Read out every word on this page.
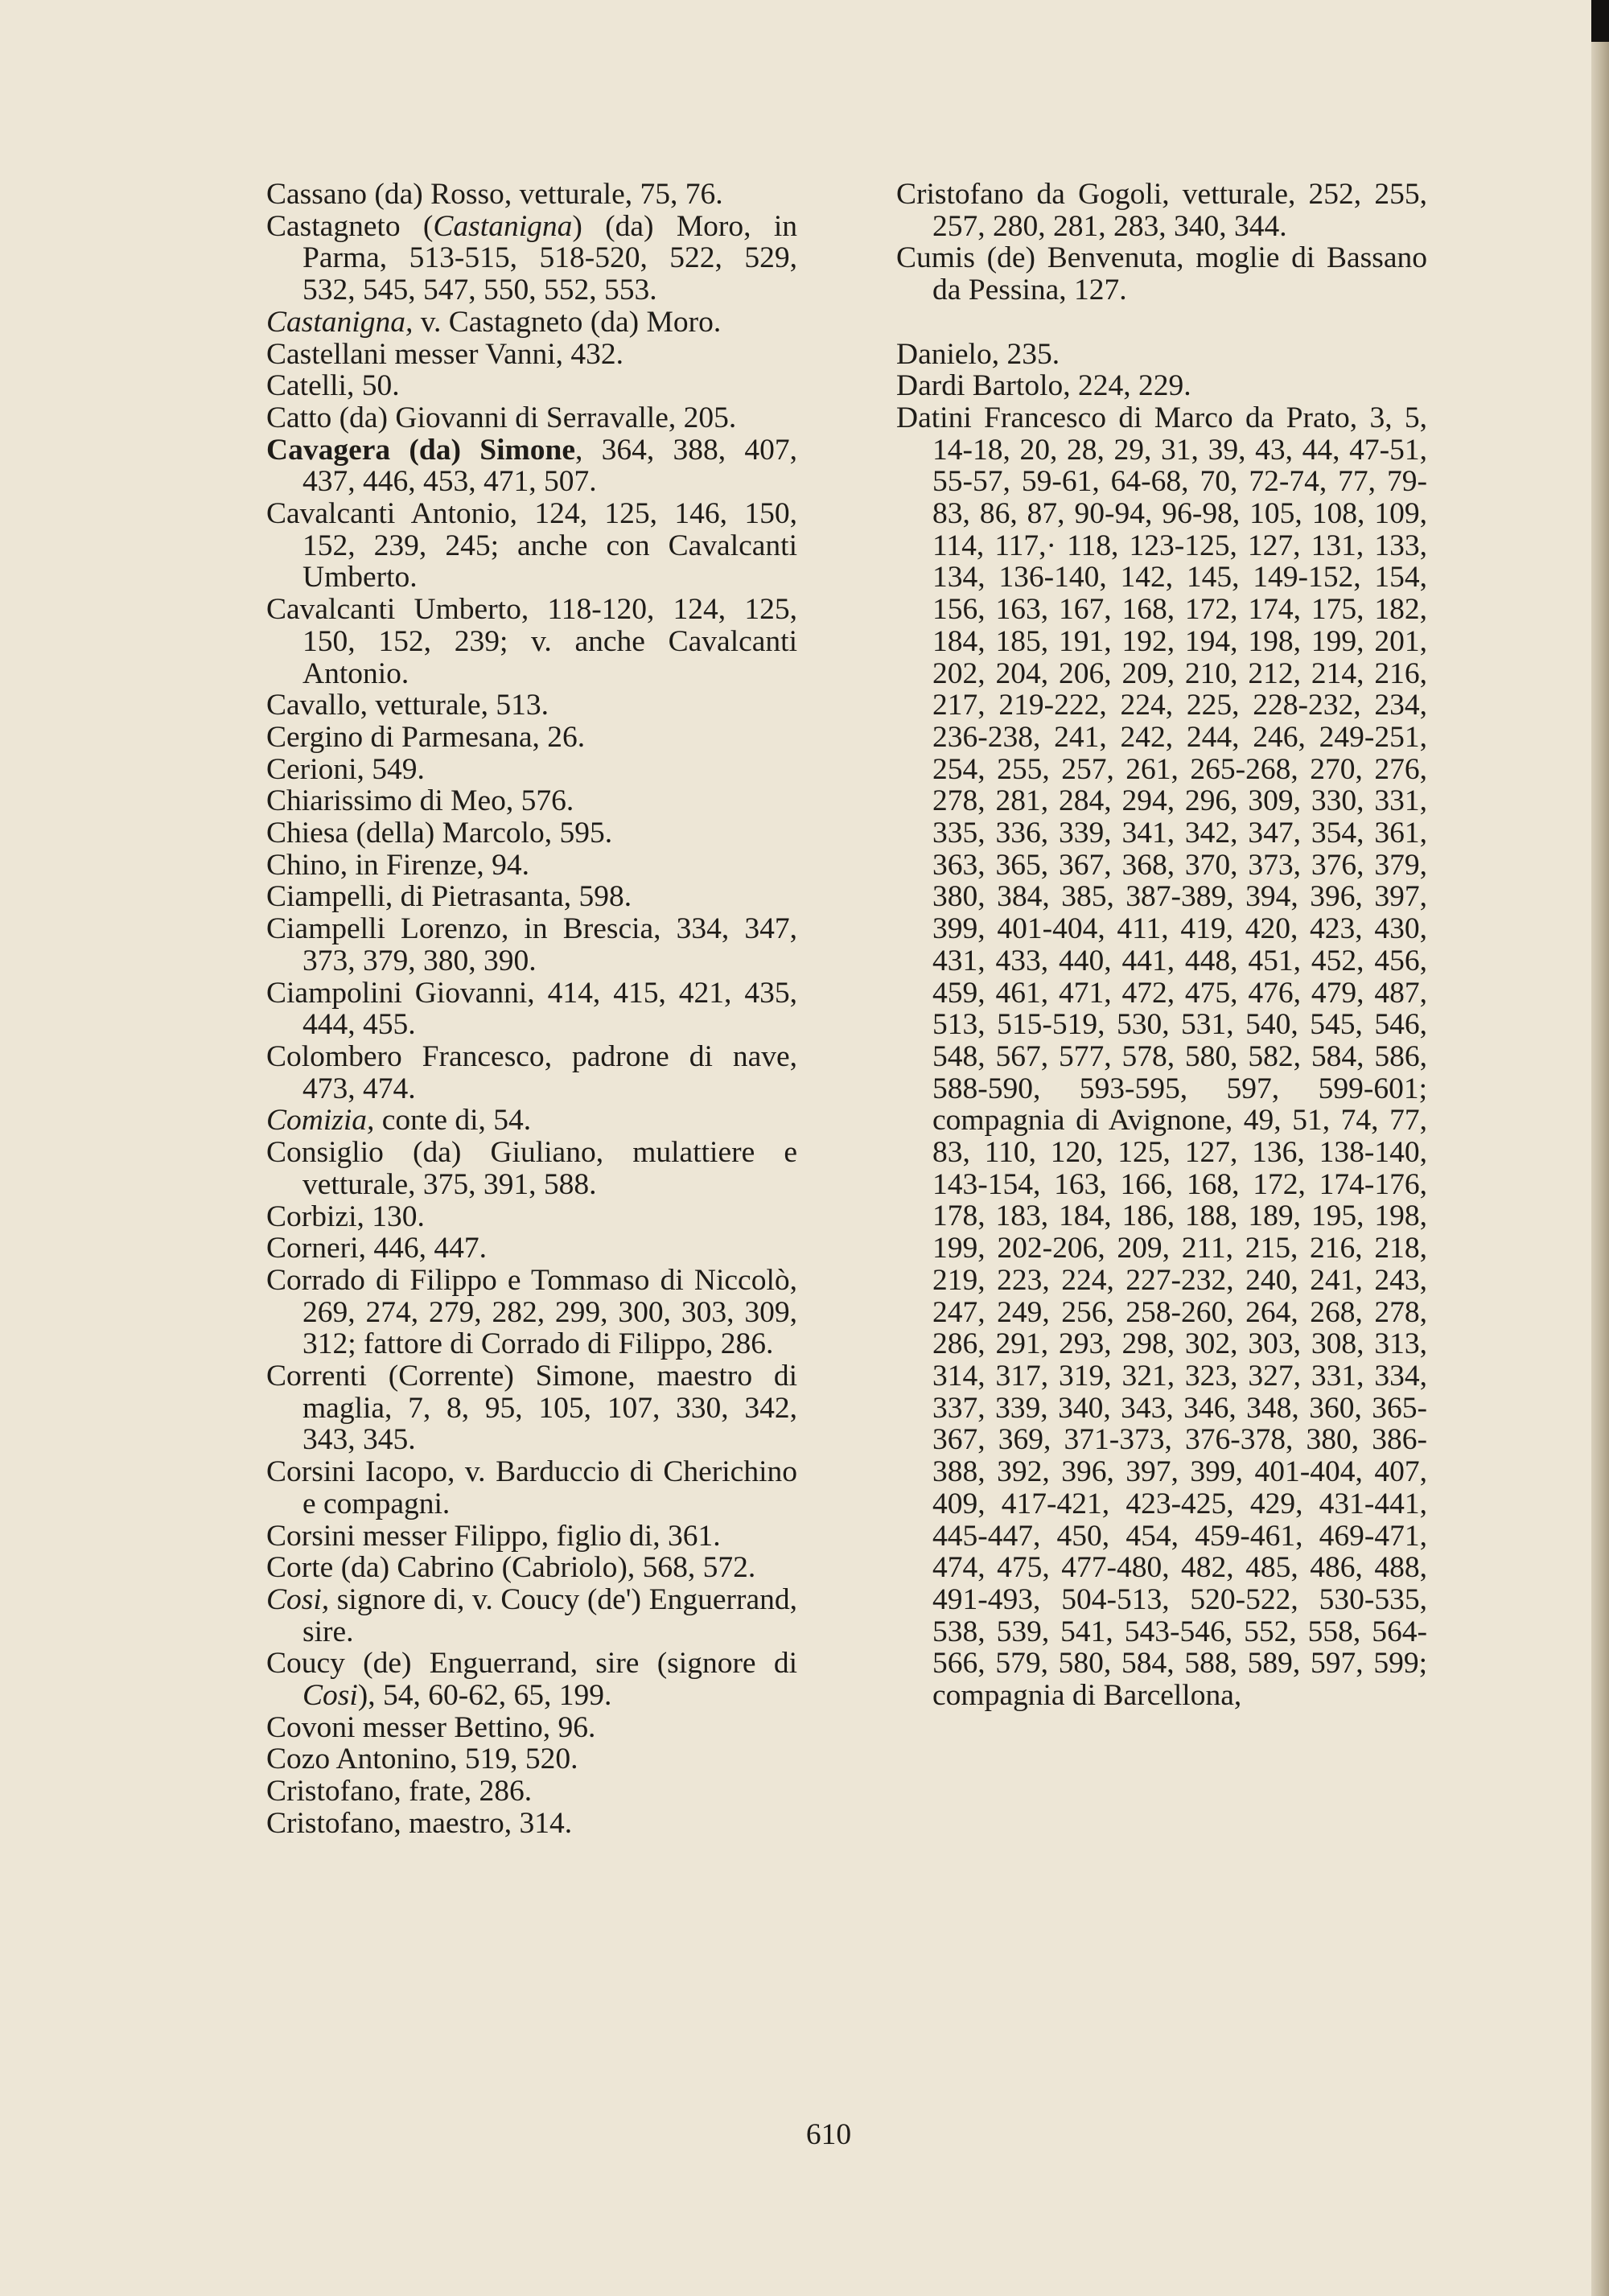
Cassano (da) Rosso, vetturale, 75, 76.
Castagneto (Castanigna) (da) Moro, in Parma, 513-515, 518-520, 522, 529, 532, 545, 547, 550, 552, 553.
Castanigna, v. Castagneto (da) Moro.
Castellani messer Vanni, 432.
Catelli, 50.
Catto (da) Giovanni di Serravalle, 205.
Cavagera (da) Simone, 364, 388, 407, 437, 446, 453, 471, 507.
Cavalcanti Antonio, 124, 125, 146, 150, 152, 239, 245; anche con Cavalcanti Umberto.
Cavalcanti Umberto, 118-120, 124, 125, 150, 152, 239; v. anche Cavalcanti Antonio.
Cavallo, vetturale, 513.
Cergino di Parmesana, 26.
Cerioni, 549.
Chiarissimo di Meo, 576.
Chiesa (della) Marcolo, 595.
Chino, in Firenze, 94.
Ciampelli, di Pietrasanta, 598.
Ciampelli Lorenzo, in Brescia, 334, 347, 373, 379, 380, 390.
Ciampolini Giovanni, 414, 415, 421, 435, 444, 455.
Colombero Francesco, padrone di nave, 473, 474.
Comizia, conte di, 54.
Consiglio (da) Giuliano, mulattiere e vetturale, 375, 391, 588.
Corbizi, 130.
Corneri, 446, 447.
Corrado di Filippo e Tommaso di Niccolò, 269, 274, 279, 282, 299, 300, 303, 309, 312; fattore di Corrado di Filippo, 286.
Correnti (Corrente) Simone, maestro di maglia, 7, 8, 95, 105, 107, 330, 342, 343, 345.
Corsini Iacopo, v. Barduccio di Cherichino e compagni.
Corsini messer Filippo, figlio di, 361.
Corte (da) Cabrino (Cabriolo), 568, 572.
Cosi, signore di, v. Coucy (de') Enguerrand, sire.
Coucy (de) Enguerrand, sire (signore di Cosi), 54, 60-62, 65, 199.
Covoni messer Bettino, 96.
Cozo Antonino, 519, 520.
Cristofano, frate, 286.
Cristofano, maestro, 314.
Cristofano da Gogoli, vetturale, 252, 255, 257, 280, 281, 283, 340, 344.
Cumis (de) Benvenuta, moglie di Bassano da Pessina, 127.
Danielo, 235.
Dardi Bartolo, 224, 229.
Datini Francesco di Marco da Prato, 3, 5, 14-18, 20, 28, 29, 31, 39, 43, 44, 47-51, 55-57, 59-61, 64-68, 70, 72-74, 77, 79-83, 86, 87, 90-94, 96-98, 105, 108, 109, 114, 117,· 118, 123-125, 127, 131, 133, 134, 136-140, 142, 145, 149-152, 154, 156, 163, 167, 168, 172, 174, 175, 182, 184, 185, 191, 192, 194, 198, 199, 201, 202, 204, 206, 209, 210, 212, 214, 216, 217, 219-222, 224, 225, 228-232, 234, 236-238, 241, 242, 244, 246, 249-251, 254, 255, 257, 261, 265-268, 270, 276, 278, 281, 284, 294, 296, 309, 330, 331, 335, 336, 339, 341, 342, 347, 354, 361, 363, 365, 367, 368, 370, 373, 376, 379, 380, 384, 385, 387-389, 394, 396, 397, 399, 401-404, 411, 419, 420, 423, 430, 431, 433, 440, 441, 448, 451, 452, 456, 459, 461, 471, 472, 475, 476, 479, 487, 513, 515-519, 530, 531, 540, 545, 546, 548, 567, 577, 578, 580, 582, 584, 586, 588-590, 593-595, 597, 599-601; compagnia di Avignone, 49, 51, 74, 77, 83, 110, 120, 125, 127, 136, 138-140, 143-154, 163, 166, 168, 172, 174-176, 178, 183, 184, 186, 188, 189, 195, 198, 199, 202-206, 209, 211, 215, 216, 218, 219, 223, 224, 227-232, 240, 241, 243, 247, 249, 256, 258-260, 264, 268, 278, 286, 291, 293, 298, 302, 303, 308, 313, 314, 317, 319, 321, 323, 327, 331, 334, 337, 339, 340, 343, 346, 348, 360, 365-367, 369, 371-373, 376-378, 380, 386-388, 392, 396, 397, 399, 401-404, 407, 409, 417-421, 423-425, 429, 431-441, 445-447, 450, 454, 459-461, 469-471, 474, 475, 477-480, 482, 485, 486, 488, 491-493, 504-513, 520-522, 530-535, 538, 539, 541, 543-546, 552, 558, 564-566, 579, 580, 584, 588, 589, 597, 599; compagnia di Barcellona,
610
